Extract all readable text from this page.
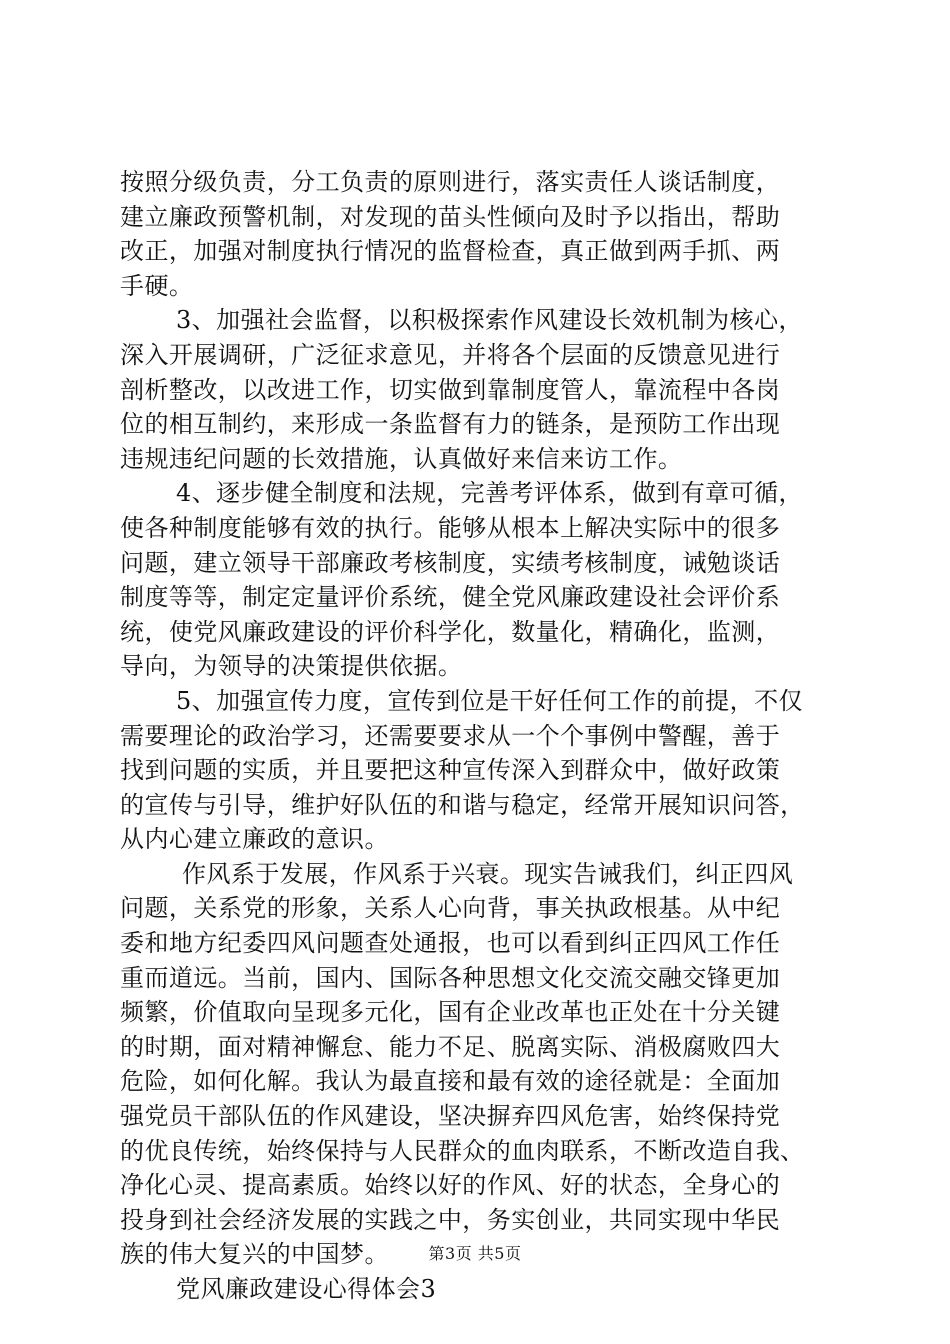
按照分级负责，分工负责的原则进行，落实责任人谈话制度，
建立廉政预警机制，对发现的苗头性倾向及时予以指出，帮助
改正，加强对制度执行情况的监督检查，真正做到两手抓、两
手硬。
3、加强社会监督，以积极探索作风建设长效机制为核心，
深入开展调研，广泛征求意见，并将各个层面的反馈意见进行
剖析整改，以改进工作，切实做到靠制度管人，靠流程中各岗
位的相互制约，来形成一条监督有力的链条，是预防工作出现
违规违纪问题的长效措施，认真做好来信来访工作。
4、逐步健全制度和法规，完善考评体系，做到有章可循，
使各种制度能够有效的执行。能够从根本上解决实际中的很多
问题，建立领导干部廉政考核制度，实绩考核制度，诫勉谈话
制度等等，制定定量评价系统，健全党风廉政建设社会评价系
统，使党风廉政建设的评价科学化，数量化，精确化，监测，
导向，为领导的决策提供依据。
5、加强宣传力度，宣传到位是干好任何工作的前提，不仅
需要理论的政治学习，还需要要求从一个个事例中警醒，善于
找到问题的实质，并且要把这种宣传深入到群众中，做好政策
的宣传与引导，维护好队伍的和谐与稳定，经常开展知识问答，
从内心建立廉政的意识。
作风系于发展，作风系于兴衰。现实告诫我们，纠正四风
问题，关系党的形象，关系人心向背，事关执政根基。从中纪
委和地方纪委四风问题查处通报，也可以看到纠正四风工作任
重而道远。当前，国内、国际各种思想文化交流交融交锋更加
频繁，价值取向呈现多元化，国有企业改革也正处在十分关键
的时期，面对精神懈怠、能力不足、脱离实际、消极腐败四大
危险，如何化解。我认为最直接和最有效的途径就是：全面加
强党员干部队伍的作风建设，坚决摒弃四风危害，始终保持党
的优良传统，始终保持与人民群众的血肉联系，不断改造自我、
净化心灵、提高素质。始终以好的作风、好的状态，全身心的
投身到社会经济发展的实践之中，务实创业，共同实现中华民
族的伟大复兴的中国梦。
党风廉政建设心得体会3
第3页 共5页
